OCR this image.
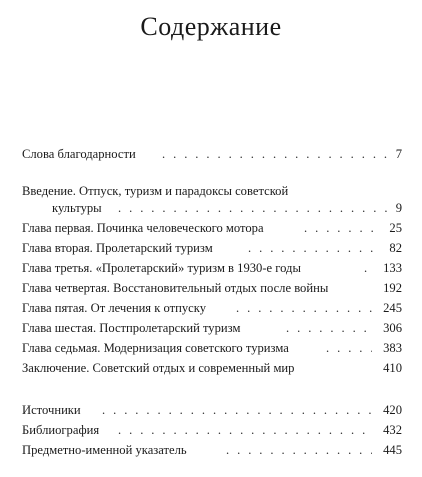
Содержание
Слова благодарности . . .	7
Введение. Отпуск, туризм и парадоксы советской
культуры . . .	9
Глава первая. Починка человеческого мотора . . .	25
Глава вторая. Пролетарский туризм . . .	82
Глава третья. «Пролетарский» туризм в 1930-е годы . . .	133
Глава четвертая. Восстановительный отдых после войны	192
Глава пятая. От лечения к отпуску . . .	245
Глава шестая. Постпролетарский туризм . . .	306
Глава седьмая. Модернизация советского туризма . . .	383
Заключение. Советский отдых и современный мир	410
Источники . . .	420
Библиография . . .	432
Предметно-именной указатель . . .	445
